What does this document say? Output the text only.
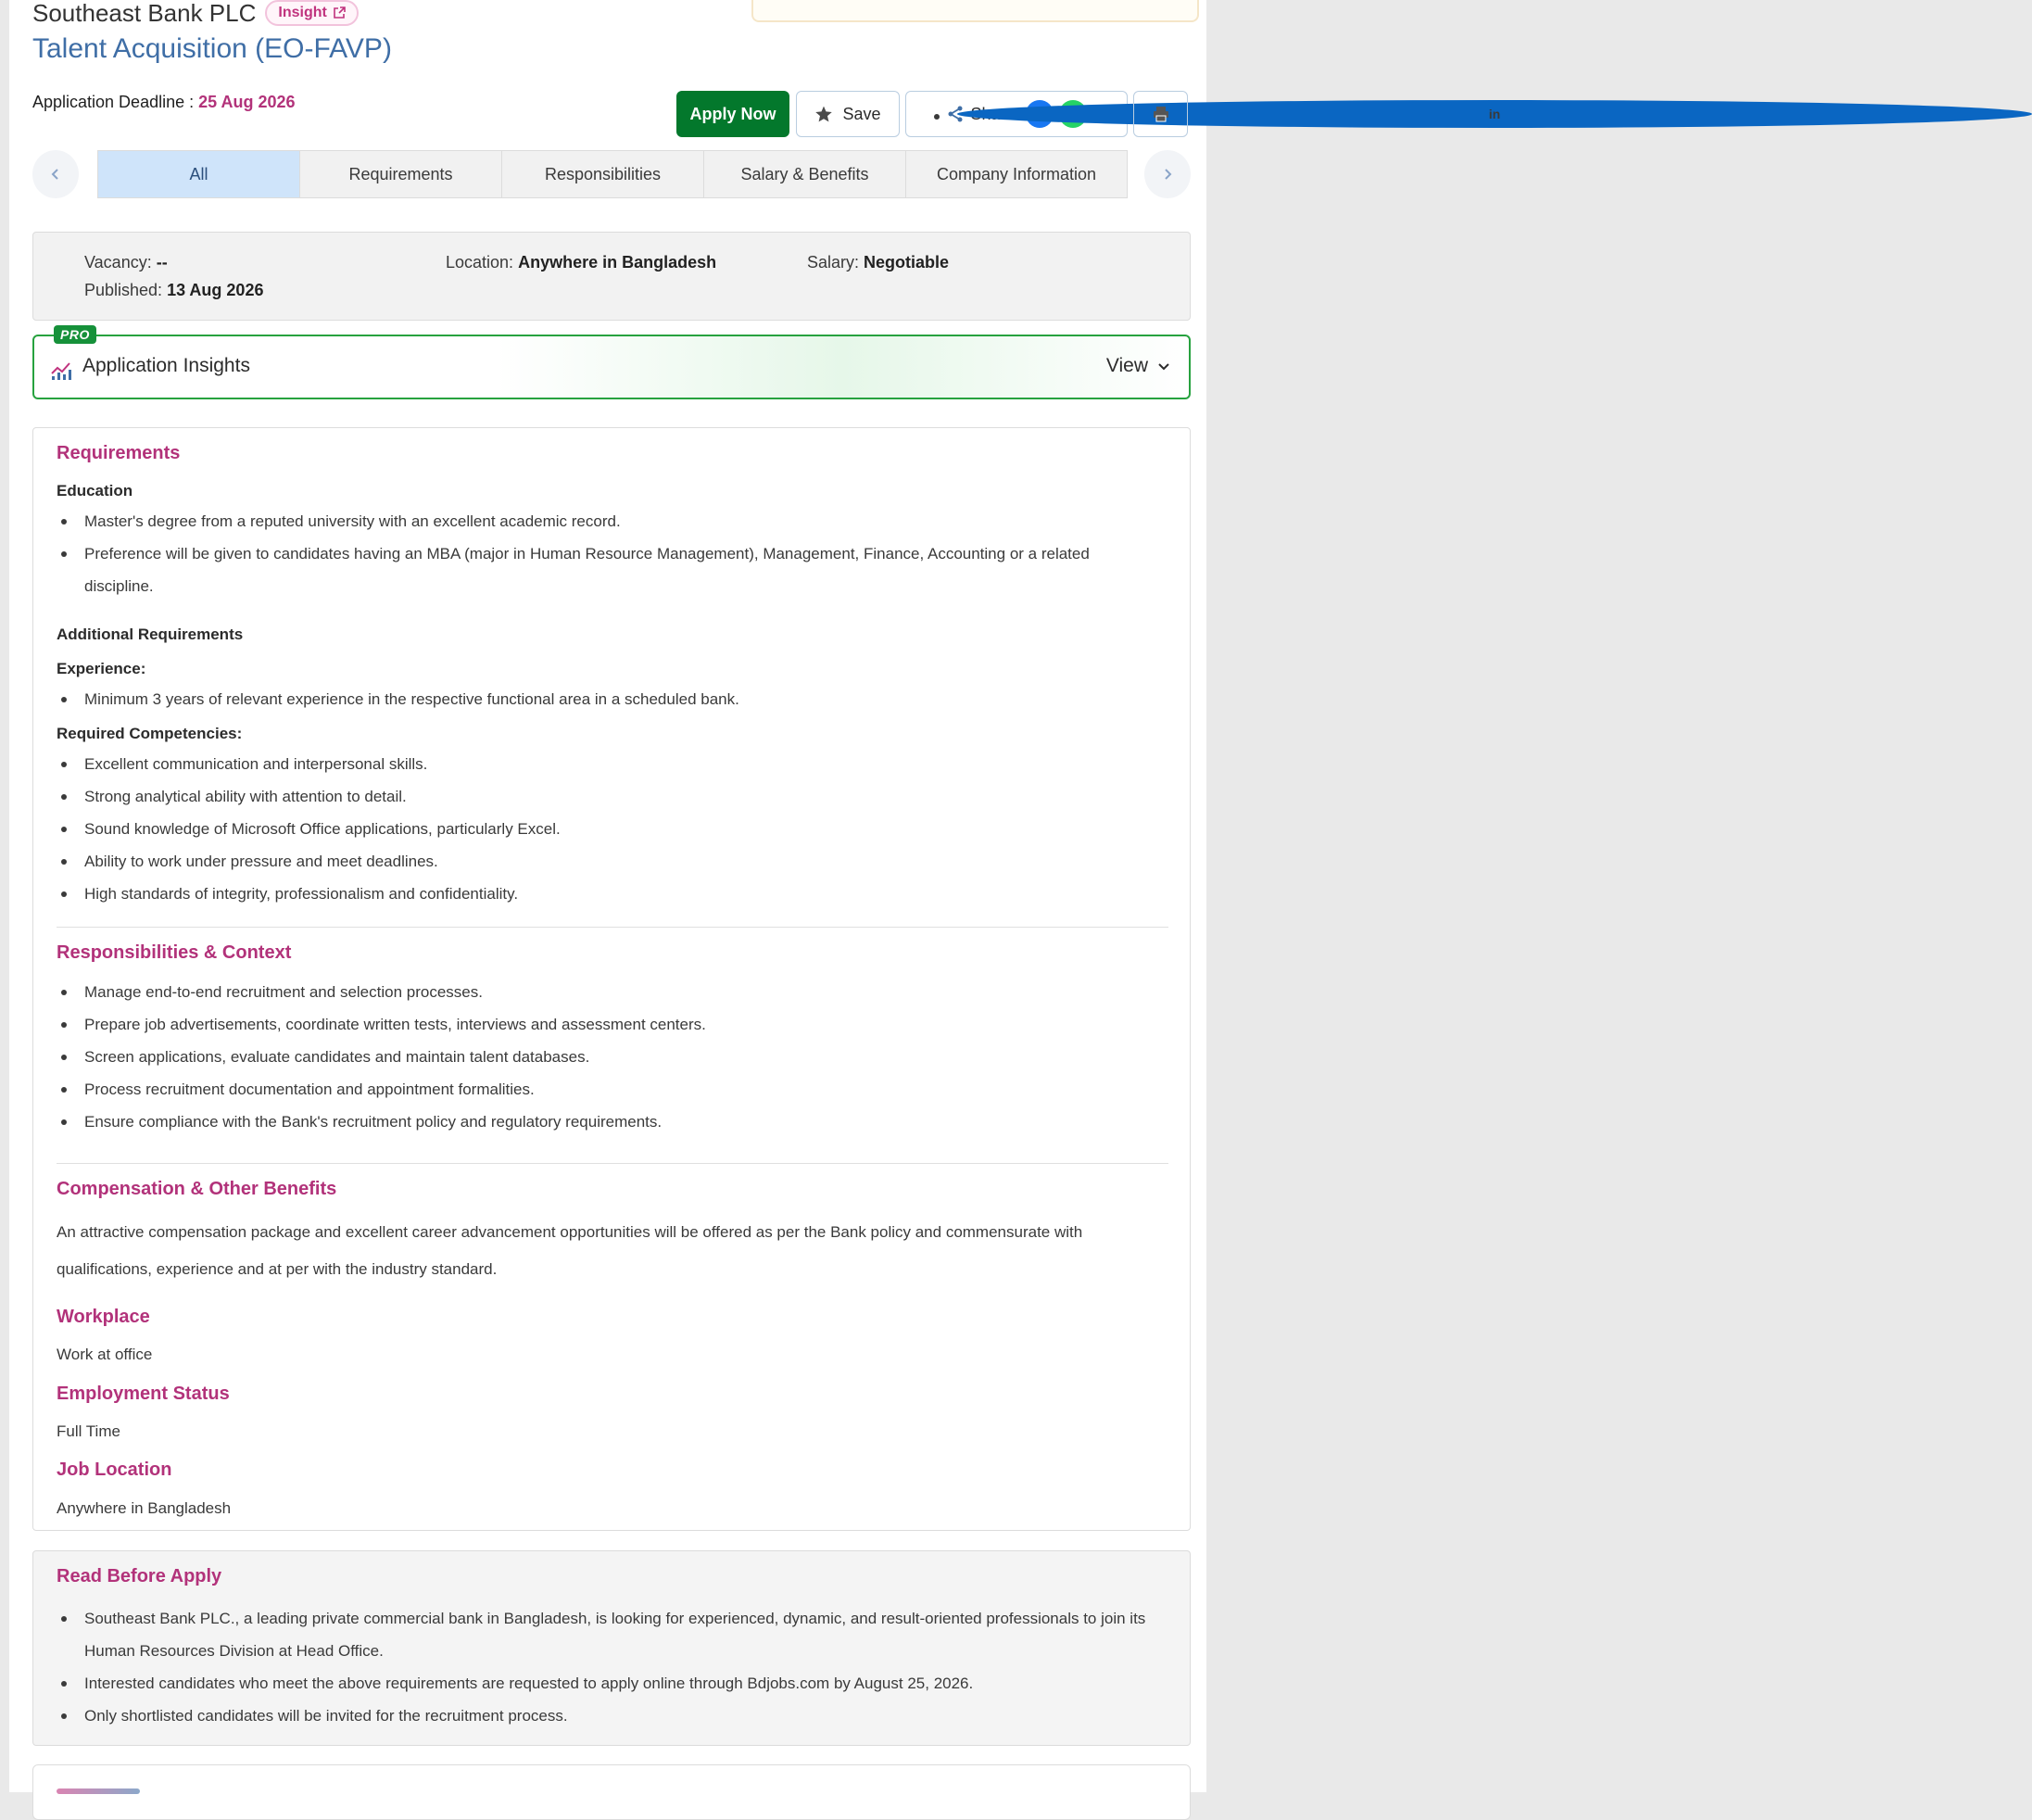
Southeast Bank PLC Insight
Talent Acquisition (EO-FAVP)
Application Deadline : 25 Aug 2026
Apply Now	Save	in
All	Requirements	Responsibilities	Salary & Benefits	Company Information
Vacancy: --	Location: Anywhere in Bangladesh	Salary: Negotiable
Published: 13 Aug 2026
PRO
Application Insights	View
Requirements
Education
Master's degree from a reputed university with an excellent academic record.
Preference will be given to candidates having an MBA (major in Human Resource Management), Management, Finance, Accounting or a related discipline.
Additional Requirements
Experience:
Minimum 3 years of relevant experience in the respective functional area in a scheduled bank.
Required Competencies:
Excellent communication and interpersonal skills.
Strong analytical ability with attention to detail.
Sound knowledge of Microsoft Office applications, particularly Excel.
Ability to work under pressure and meet deadlines.
High standards of integrity, professionalism and confidentiality.
Responsibilities & Context
Manage end-to-end recruitment and selection processes.
Prepare job advertisements, coordinate written tests, interviews and assessment centers.
Screen applications, evaluate candidates and maintain talent databases.
Process recruitment documentation and appointment formalities.
Ensure compliance with the Bank's recruitment policy and regulatory requirements.
Compensation & Other Benefits
An attractive compensation package and excellent career advancement opportunities will be offered as per the Bank policy and commensurate with qualifications, experience and at per with the industry standard.
Workplace
Work at office
Employment Status
Full Time
Job Location
Anywhere in Bangladesh
Read Before Apply
Southeast Bank PLC., a leading private commercial bank in Bangladesh, is looking for experienced, dynamic, and result-oriented professionals to join its Human Resources Division at Head Office.
Interested candidates who meet the above requirements are requested to apply online through Bdjobs.com by August 25, 2026.
Only shortlisted candidates will be invited for the recruitment process.
